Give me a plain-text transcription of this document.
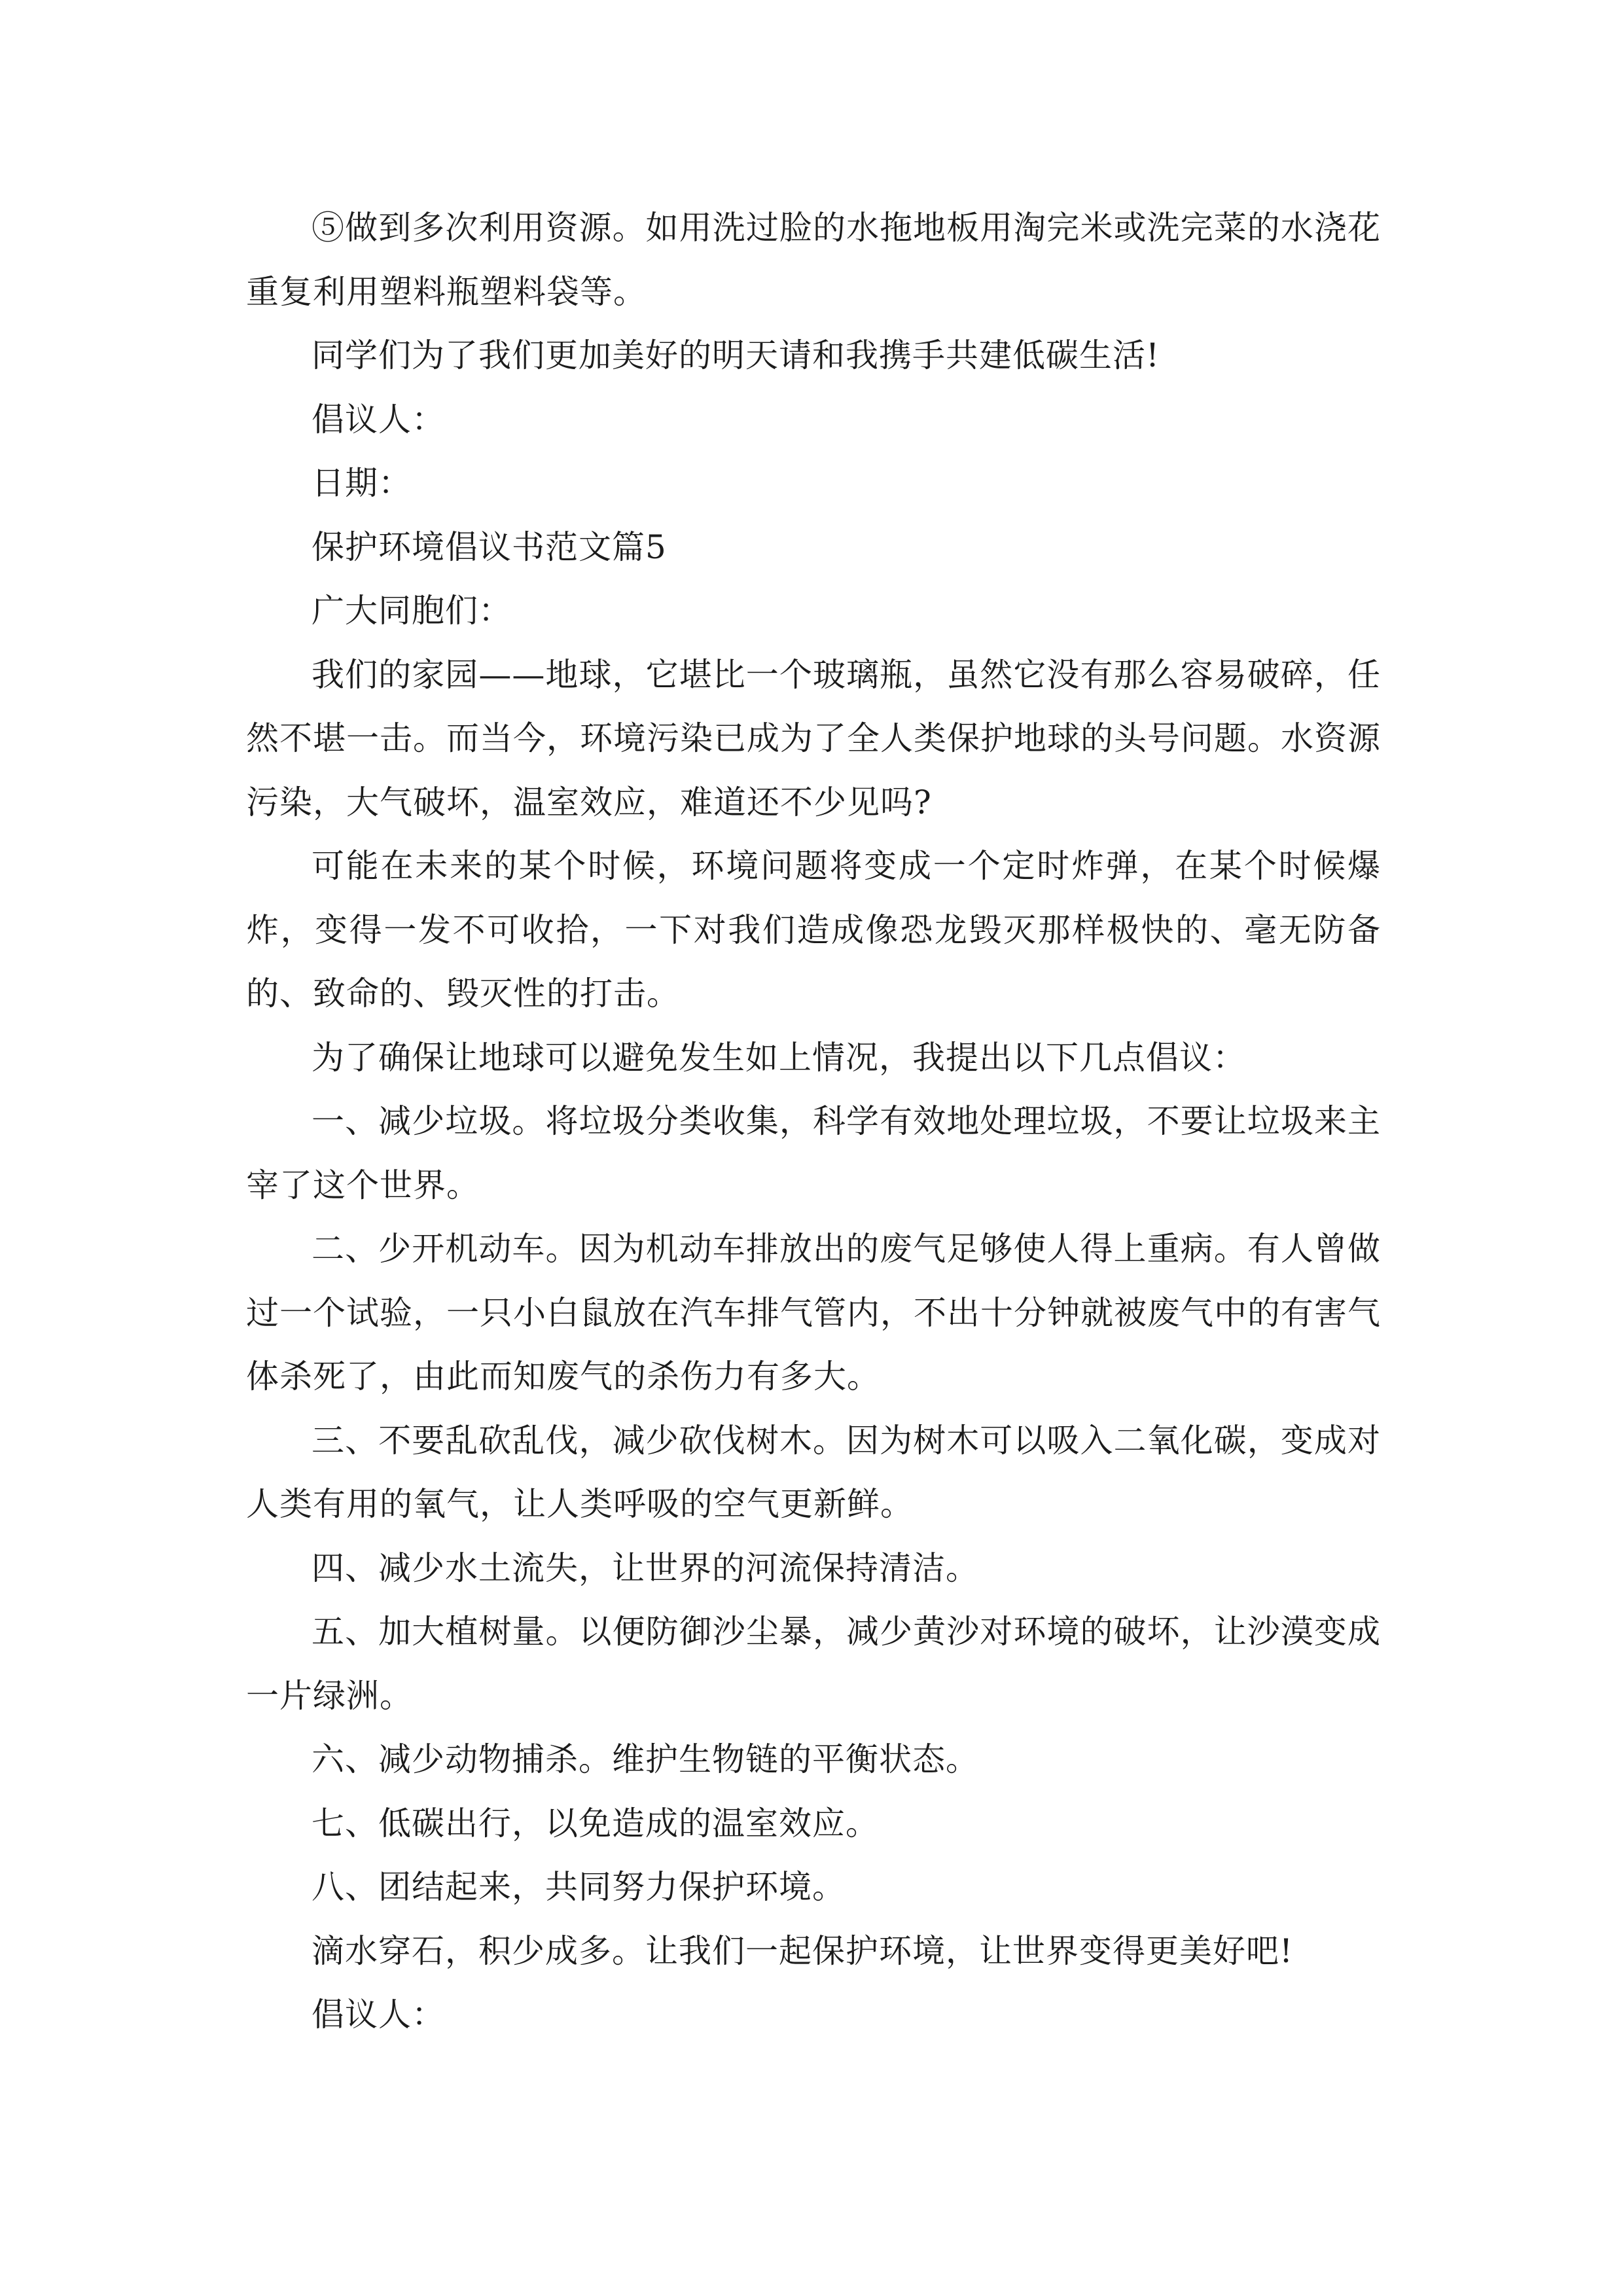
⑤做到多次利用资源。如用洗过脸的水拖地板用淘完米或洗完菜的水浇花重复利用塑料瓶塑料袋等。

同学们为了我们更加美好的明天请和我携手共建低碳生活!

倡议人：

日期：

保护环境倡议书范文篇5

广大同胞们：

我们的家园——地球，它堪比一个玻璃瓶，虽然它没有那么容易破碎，任然不堪一击。而当今，环境污染已成为了全人类保护地球的头号问题。水资源污染，大气破坏，温室效应，难道还不少见吗?

可能在未来的某个时候，环境问题将变成一个定时炸弹，在某个时候爆炸，变得一发不可收拾，一下对我们造成像恐龙毁灭那样极快的、毫无防备的、致命的、毁灭性的打击。

为了确保让地球可以避免发生如上情况，我提出以下几点倡议：

一、减少垃圾。将垃圾分类收集，科学有效地处理垃圾，不要让垃圾来主宰了这个世界。

二、少开机动车。因为机动车排放出的废气足够使人得上重病。有人曾做过一个试验，一只小白鼠放在汽车排气管内，不出十分钟就被废气中的有害气体杀死了，由此而知废气的杀伤力有多大。

三、不要乱砍乱伐，减少砍伐树木。因为树木可以吸入二氧化碳，变成对人类有用的氧气，让人类呼吸的空气更新鲜。

四、减少水土流失，让世界的河流保持清洁。

五、加大植树量。以便防御沙尘暴，减少黄沙对环境的破坏，让沙漠变成一片绿洲。

六、减少动物捕杀。维护生物链的平衡状态。

七、低碳出行，以免造成的温室效应。

八、团结起来，共同努力保护环境。

滴水穿石，积少成多。让我们一起保护环境，让世界变得更美好吧!

倡议人：
